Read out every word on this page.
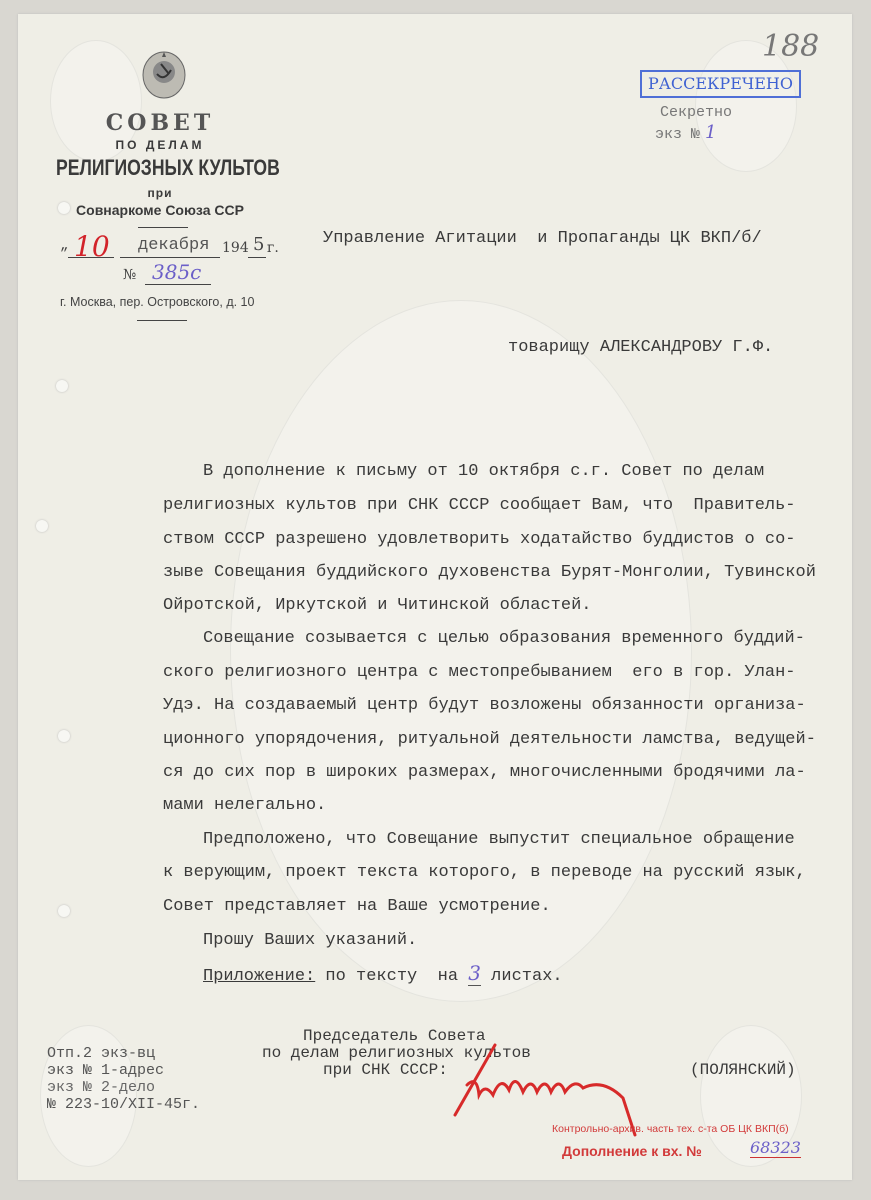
СОВЕТ
ПО ДЕЛАМ
РЕЛИГИОЗНЫХ КУЛЬТОВ
при
Совнаркоме Союза ССР
„ 10 декабря 194 5 г.
№ 385с
г. Москва, пер. Островского, д. 10
188
РАССЕКРЕЧЕНО
Секретно
экз № 1
Управление Агитации  и Пропаганды ЦК ВКП/б/
товарищу АЛЕКСАНДРОВУ Г.Ф.
В дополнение к письму от 10 октября с.г. Совет по делам
религиозных культов при СНК СССР сообщает Вам, что  Правитель-
ством СССР разрешено удовлетворить ходатайство буддистов о со-
зыве Совещания буддийского духовенства Бурят-Монголии, Тувинской
Ойротской, Иркутской и Читинской областей.
Совещание созывается с целью образования временного буддий-
ского религиозного центра с местопребыванием  его в гор. Улан-
Удэ. На создаваемый центр будут возложены обязанности организа-
ционного упорядочения, ритуальной деятельности ламства, ведущей-
ся до сих пор в широких размерах, многочисленными бродячими ла-
мами нелегально.
Предположено, что Совещание выпустит специальное обращение
к верующим, проект текста которого, в переводе на русский язык,
Совет представляет на Ваше усмотрение.
Прошу Ваших указаний.
Приложение: по тексту  на 3 листах.
Председатель Совета
по делам религиозных культов
при СНК СССР:	(ПОЛЯНСКИЙ)
Отп.2 экз-вц
экз № 1-адрес
экз № 2-дело
№ 223-10/XII-45г.
Контрольно-архив. часть тех. с-та ОБ ЦК ВКП(б)
Дополнение к вх. №	68323
